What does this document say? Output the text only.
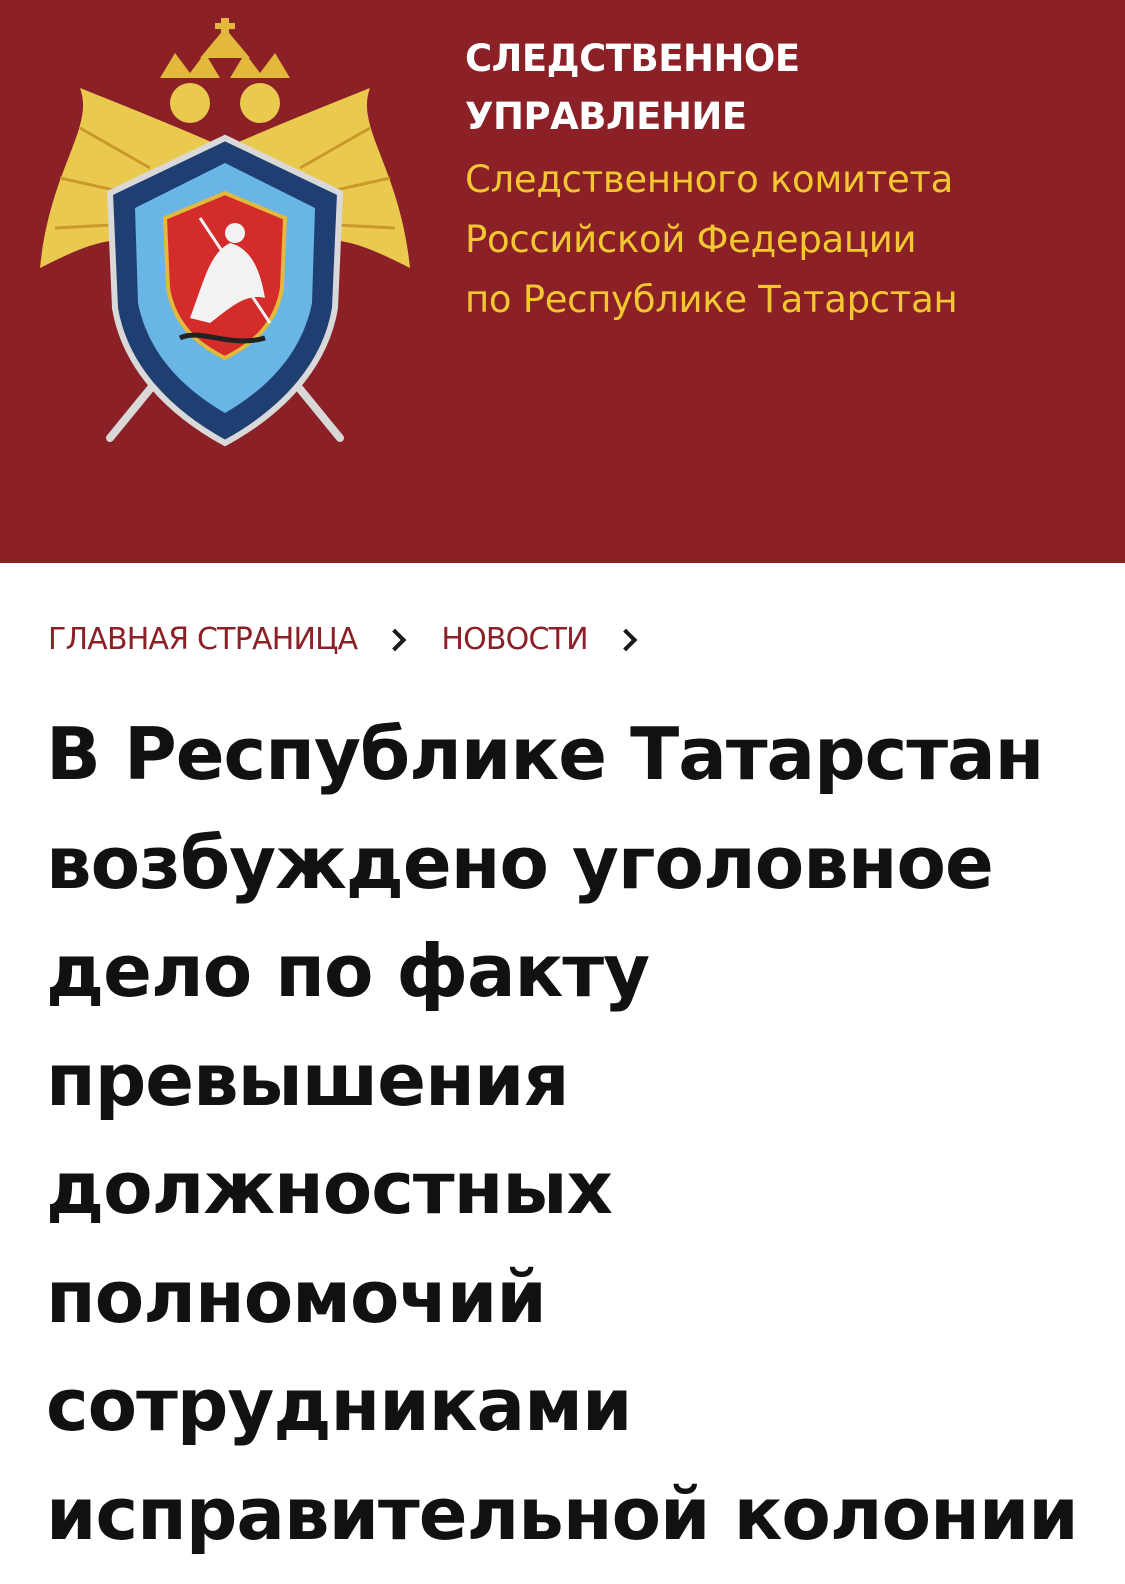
СЛЕДСТВЕННОЕ
УПРАВЛЕНИЕ
Следственного комитета
Российской Федерации
по Республике Татарстан
ГЛАВНАЯ СТРАНИЦА	НОВОСТИ
В Республике Татарстан возбуждено уголовное дело по факту превышения должностных полномочий сотрудниками исправительной колонии
